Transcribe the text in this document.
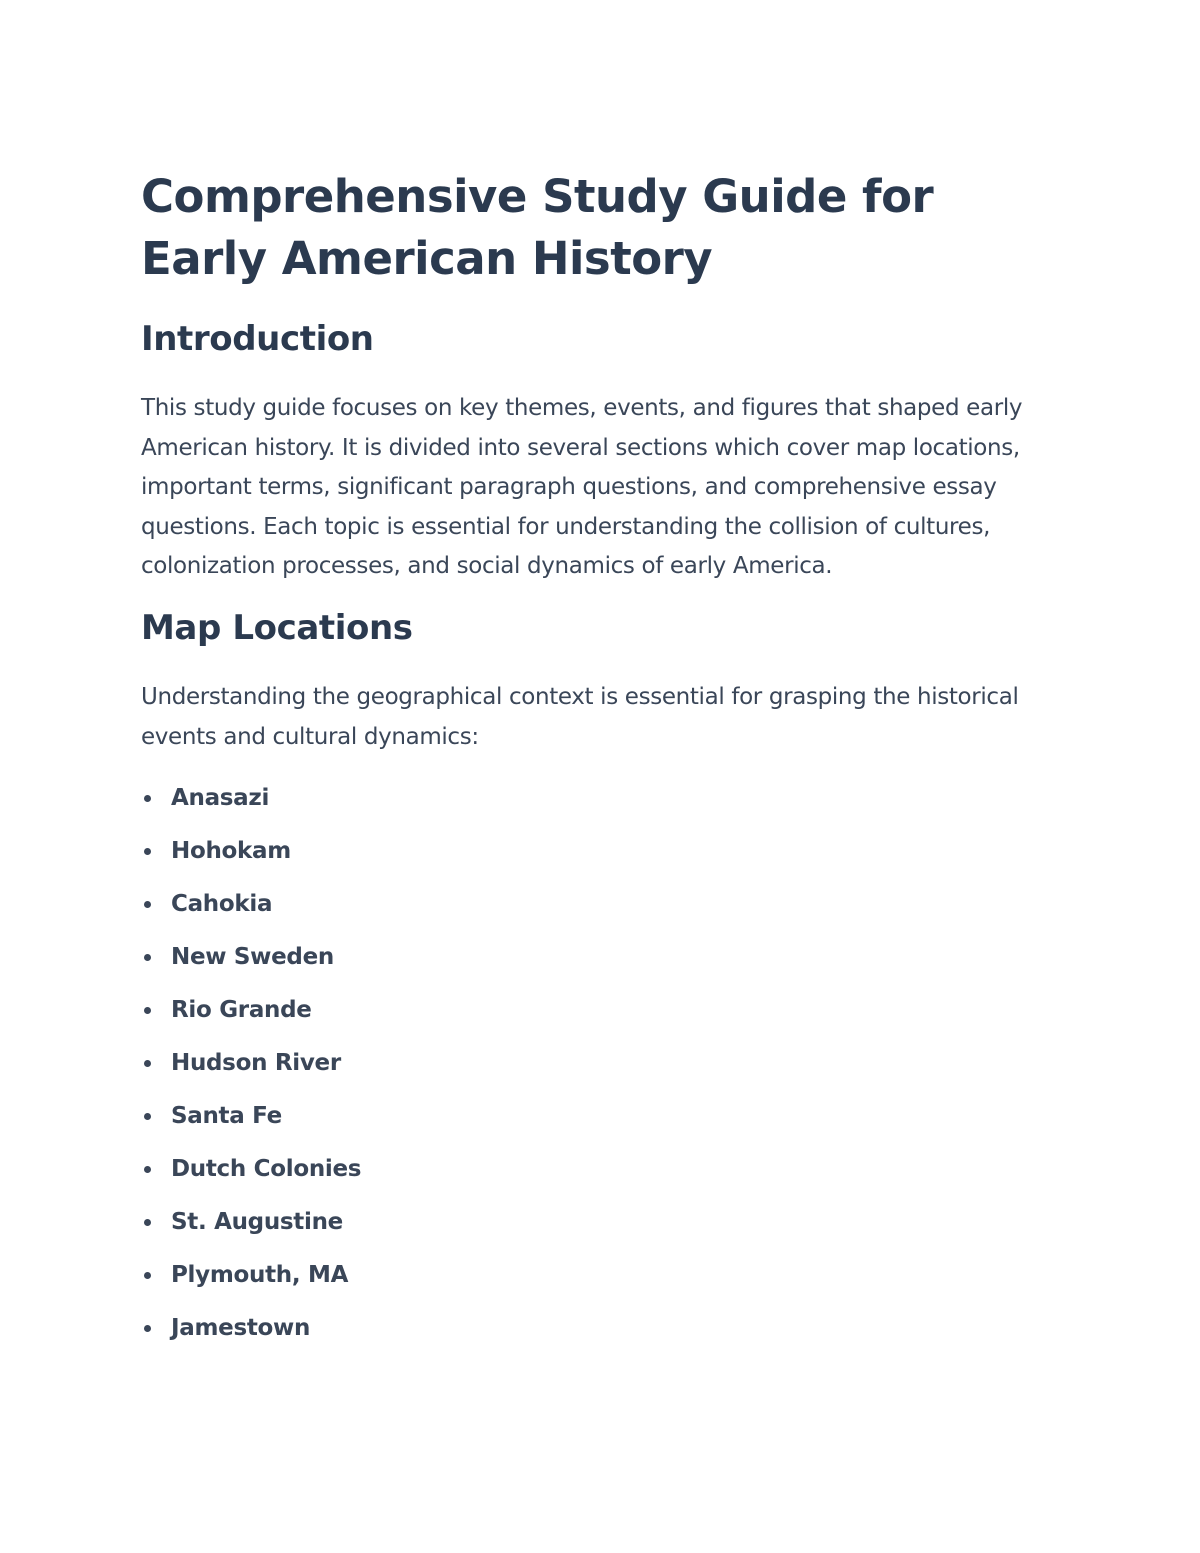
Comprehensive Study Guide for Early American History
Introduction

This study guide focuses on key themes, events, and figures that shaped early American history. It is divided into several sections which cover map locations, important terms, significant paragraph questions, and comprehensive essay questions. Each topic is essential for understanding the collision of cultures, colonization processes, and social dynamics of early America.

Map Locations

Understanding the geographical context is essential for grasping the historical events and cultural dynamics:

Anasazi
Hohokam
Cahokia
New Sweden
Rio Grande
Hudson River
Santa Fe
Dutch Colonies
St. Augustine
Plymouth, MA
Jamestown
